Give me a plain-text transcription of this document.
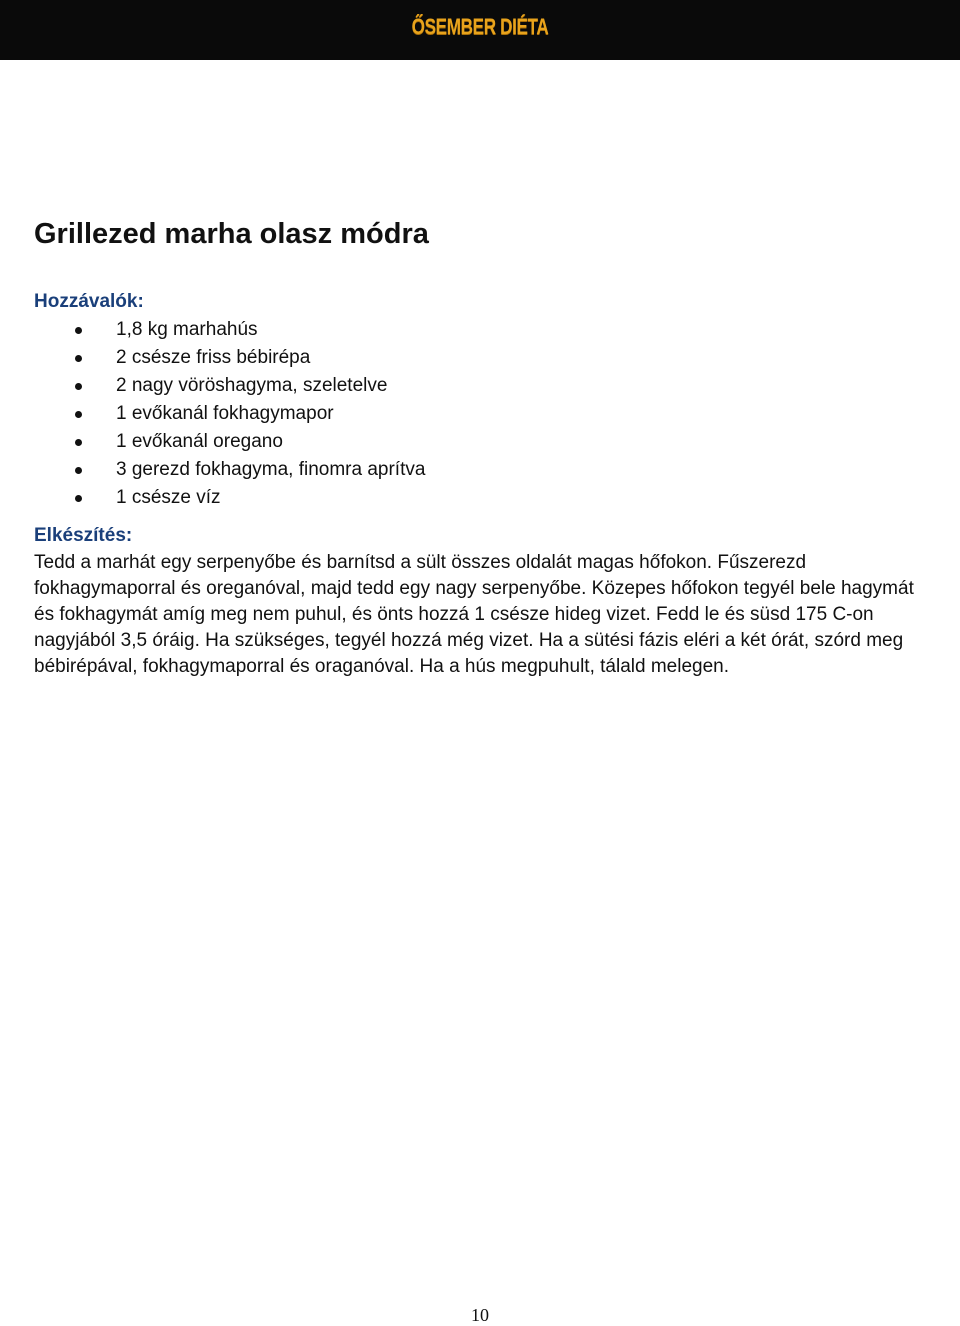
ŐSEMBER DIÉTA
Grillezed marha olasz módra
Hozzávalók:
1,8 kg marhahús
2 csésze friss bébirépa
2 nagy vöröshagyma, szeletelve
1 evőkanál fokhagymapor
1 evőkanál oregano
3 gerezd fokhagyma, finomra aprítva
1 csésze víz
Elkészítés:

Tedd a marhát egy serpenyőbe és barnítsd a sült összes oldalát magas hőfokon. Fűszerezd fokhagymaporral és oreganóval, majd tedd egy nagy serpenyőbe. Közepes hőfokon tegyél bele hagymát és fokhagymát amíg meg nem puhul, és önts hozzá 1 csésze hideg vizet. Fedd le és süsd 175 C-on nagyjából 3,5 óráig. Ha szükséges, tegyél hozzá még vizet. Ha a sütési fázis eléri a két órát, szórd meg bébirépával, fokhagymaporral és oraganóval. Ha a hús megpuhult, tálald melegen.

10
